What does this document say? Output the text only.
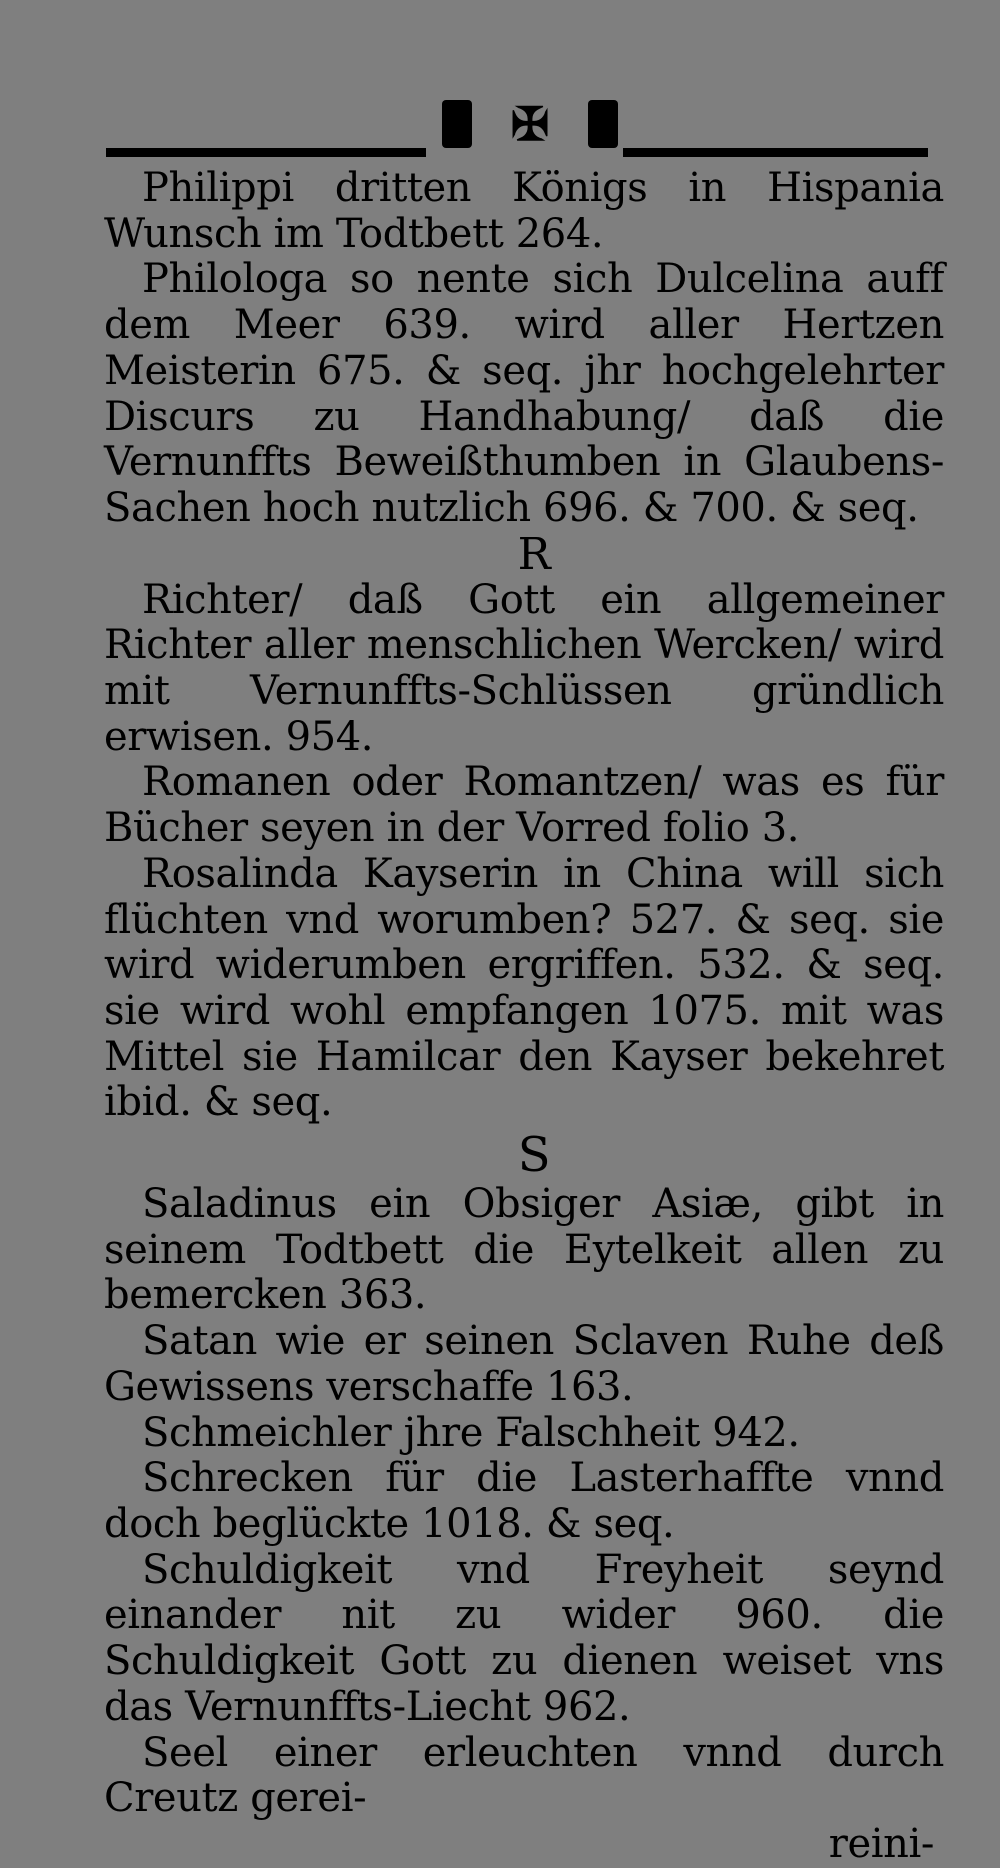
✠

Philippi dritten Königs in Hispania Wunsch im Todtbett 264.

Philologa so nente sich Dulcelina auff dem Meer 639. wird aller Hertzen Meisterin 675. & seq. jhr hochgelehrter Discurs zu Handhabung/ daß die Vernunffts Beweißthumben in Glaubens-Sachen hoch nutzlich 696. & 700. & seq.

R

Richter/ daß Gott ein allgemeiner Richter aller menschlichen Wercken/ wird mit Vernunffts-Schlüssen gründlich erwisen. 954.

Romanen oder Romantzen/ was es für Bücher seyen in der Vorred folio 3.

Rosalinda Kayserin in China will sich flüchten vnd worumben? 527. & seq. sie wird widerumben ergriffen. 532. & seq. sie wird wohl empfangen 1075. mit was Mittel sie Hamilcar den Kayser bekehret ibid. & seq.

S

Saladinus ein Obsiger Asiæ, gibt in seinem Todtbett die Eytelkeit allen zu bemercken 363.

Satan wie er seinen Sclaven Ruhe deß Gewissens verschaffe 163.

Schmeichler jhre Falschheit 942.

Schrecken für die Lasterhaffte vnnd doch beglückte 1018. & seq.

Schuldigkeit vnd Freyheit seynd einander nit zu wider 960. die Schuldigkeit Gott zu dienen weiset vns das Vernunffts-Liecht 962.

Seel einer erleuchten vnnd durch Creutz gerei-

reini-
